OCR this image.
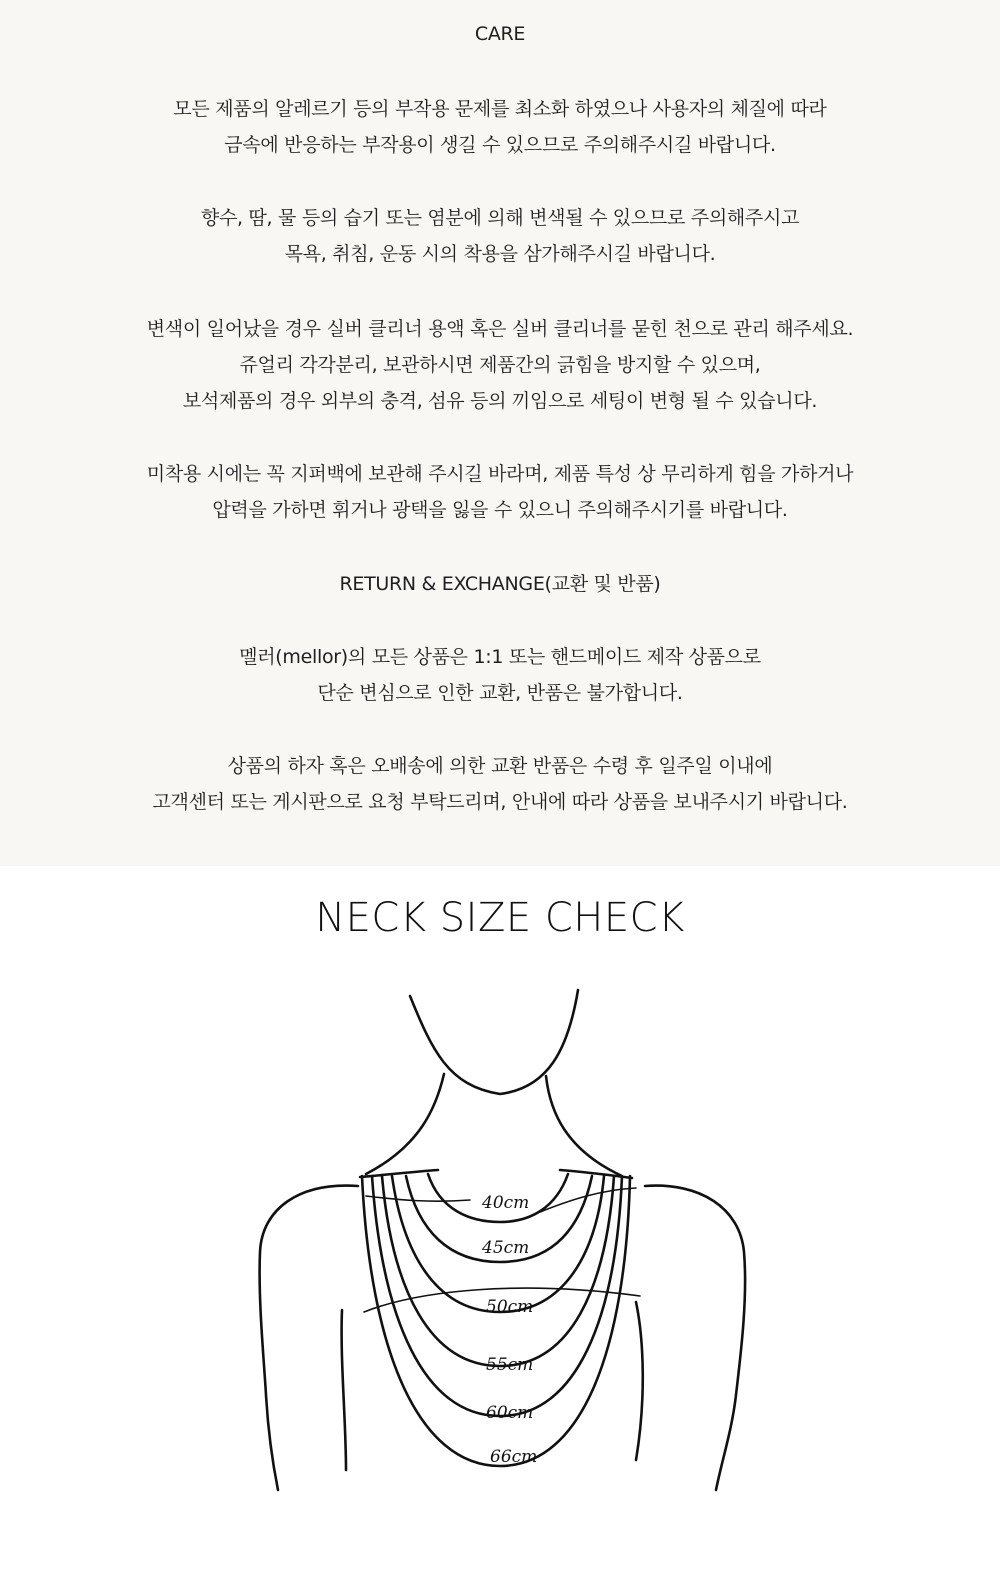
CARE
모든 제품의 알레르기 등의 부작용 문제를 최소화 하였으나 사용자의 체질에 따라
금속에 반응하는 부작용이 생길 수 있으므로 주의해주시길 바랍니다.
향수, 땀, 물 등의 습기 또는 염분에 의해 변색될 수 있으므로 주의해주시고
목욕, 취침, 운동 시의 착용을 삼가해주시길 바랍니다.
변색이 일어났을 경우 실버 클리너 용액 혹은 실버 클리너를 묻힌 천으로 관리 해주세요.
쥬얼리 각각분리, 보관하시면 제품간의 긁힘을 방지할 수 있으며,
보석제품의 경우 외부의 충격, 섬유 등의 끼임으로 세팅이 변형 될 수 있습니다.
미착용 시에는 꼭 지퍼백에 보관해 주시길 바라며, 제품 특성 상 무리하게 힘을 가하거나
압력을 가하면 휘거나 광택을 잃을 수 있으니 주의해주시기를 바랍니다.
RETURN & EXCHANGE(교환 및 반품)
멜러(mellor)의 모든 상품은 1:1 또는 핸드메이드 제작 상품으로
단순 변심으로 인한 교환, 반품은 불가합니다.
상품의 하자 혹은 오배송에 의한 교환 반품은 수령 후 일주일 이내에
고객센터 또는 게시판으로 요청 부탁드리며, 안내에 따라 상품을 보내주시기 바랍니다.
NECK SIZE CHECK
40cm
45cm
50cm
55cm
60cm
66cm
